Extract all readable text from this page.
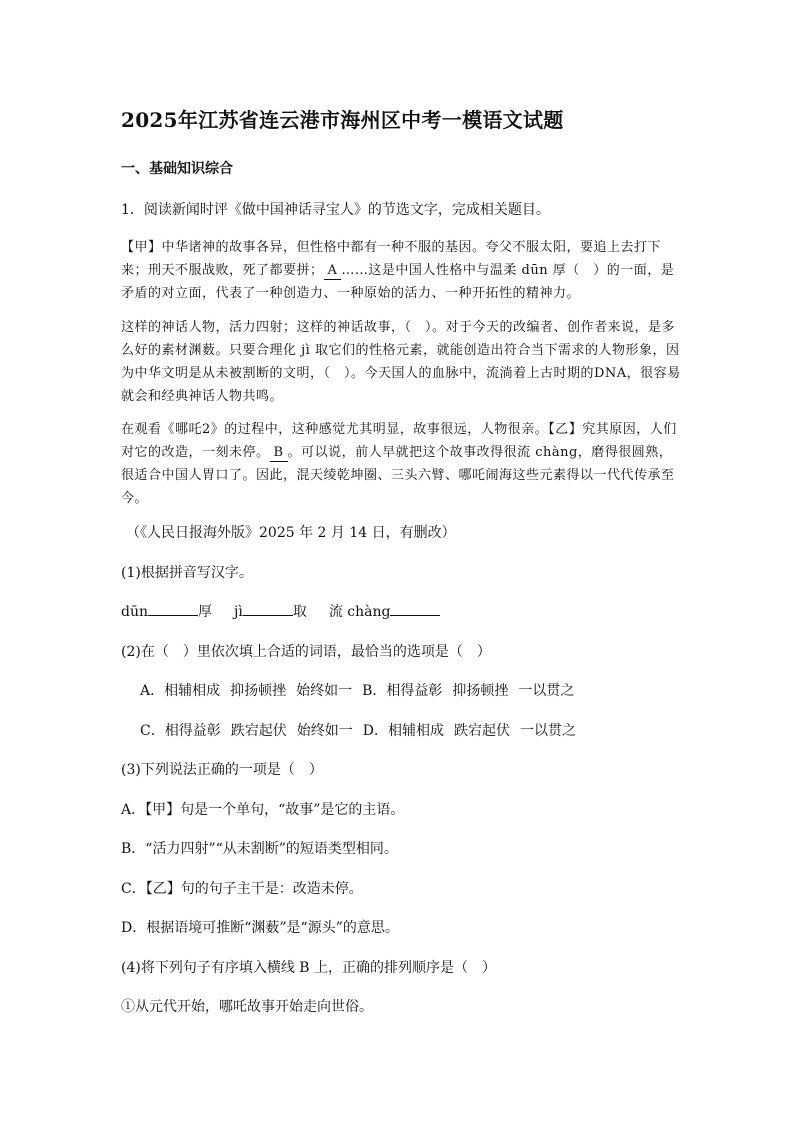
2025年江苏省连云港市海州区中考一模语文试题
一、基础知识综合
1．阅读新闻时评《做中国神话寻宝人》的节选文字，完成相关题目。

【甲】中华诸神的故事各异，但性格中都有一种不服的基因。夸父不服太阳，要追上去打下来；刑天不服战败，死了都要拼； A ……这是中国人性格中与温柔 dūn 厚（　）的一面，是矛盾的对立面，代表了一种创造力、一种原始的活力、一种开拓性的精神力。

这样的神话人物，活力四射；这样的神话故事，（　）。对于今天的改编者、创作者来说，是多么好的素材渊薮。只要合理化 jì 取它们的性格元素，就能创造出符合当下需求的人物形象，因为中华文明是从未被割断的文明，（　）。今天国人的血脉中，流淌着上古时期的DNA，很容易就会和经典神话人物共鸣。

在观看《哪吒2》的过程中，这种感觉尤其明显，故事很远，人物很亲。【乙】究其原因，人们对它的改造，一刻未停。 B 。可以说，前人早就把这个故事改得很流 chàng，磨得很圆熟，很适合中国人胃口了。因此，混天绫乾坤圈、三头六臂、哪吒闹海这些元素得以一代代传承至今。

（《人民日报海外版》2025 年 2 月 14 日，有删改）
(1)根据拼音写汉字。
dūn	厚 jì	取 流 chàng
(2)在（　）里依次填上合适的词语，最恰当的选项是（　）
A．相辅相成 抑扬顿挫 始终如一 B．相得益彰 抑扬顿挫 一以贯之
C．相得益彰 跌宕起伏 始终如一 D．相辅相成 跌宕起伏 一以贯之
(3)下列说法正确的一项是（　）
A．【甲】句是一个单句，“故事”是它的主语。
B．“活力四射”“从未割断”的短语类型相同。
C．【乙】句的句子主干是：改造未停。
D．根据语境可推断“渊薮”是“源头”的意思。
(4)将下列句子有序填入横线 B 上，正确的排列顺序是（　）
①从元代开始，哪吒故事开始走向世俗。
